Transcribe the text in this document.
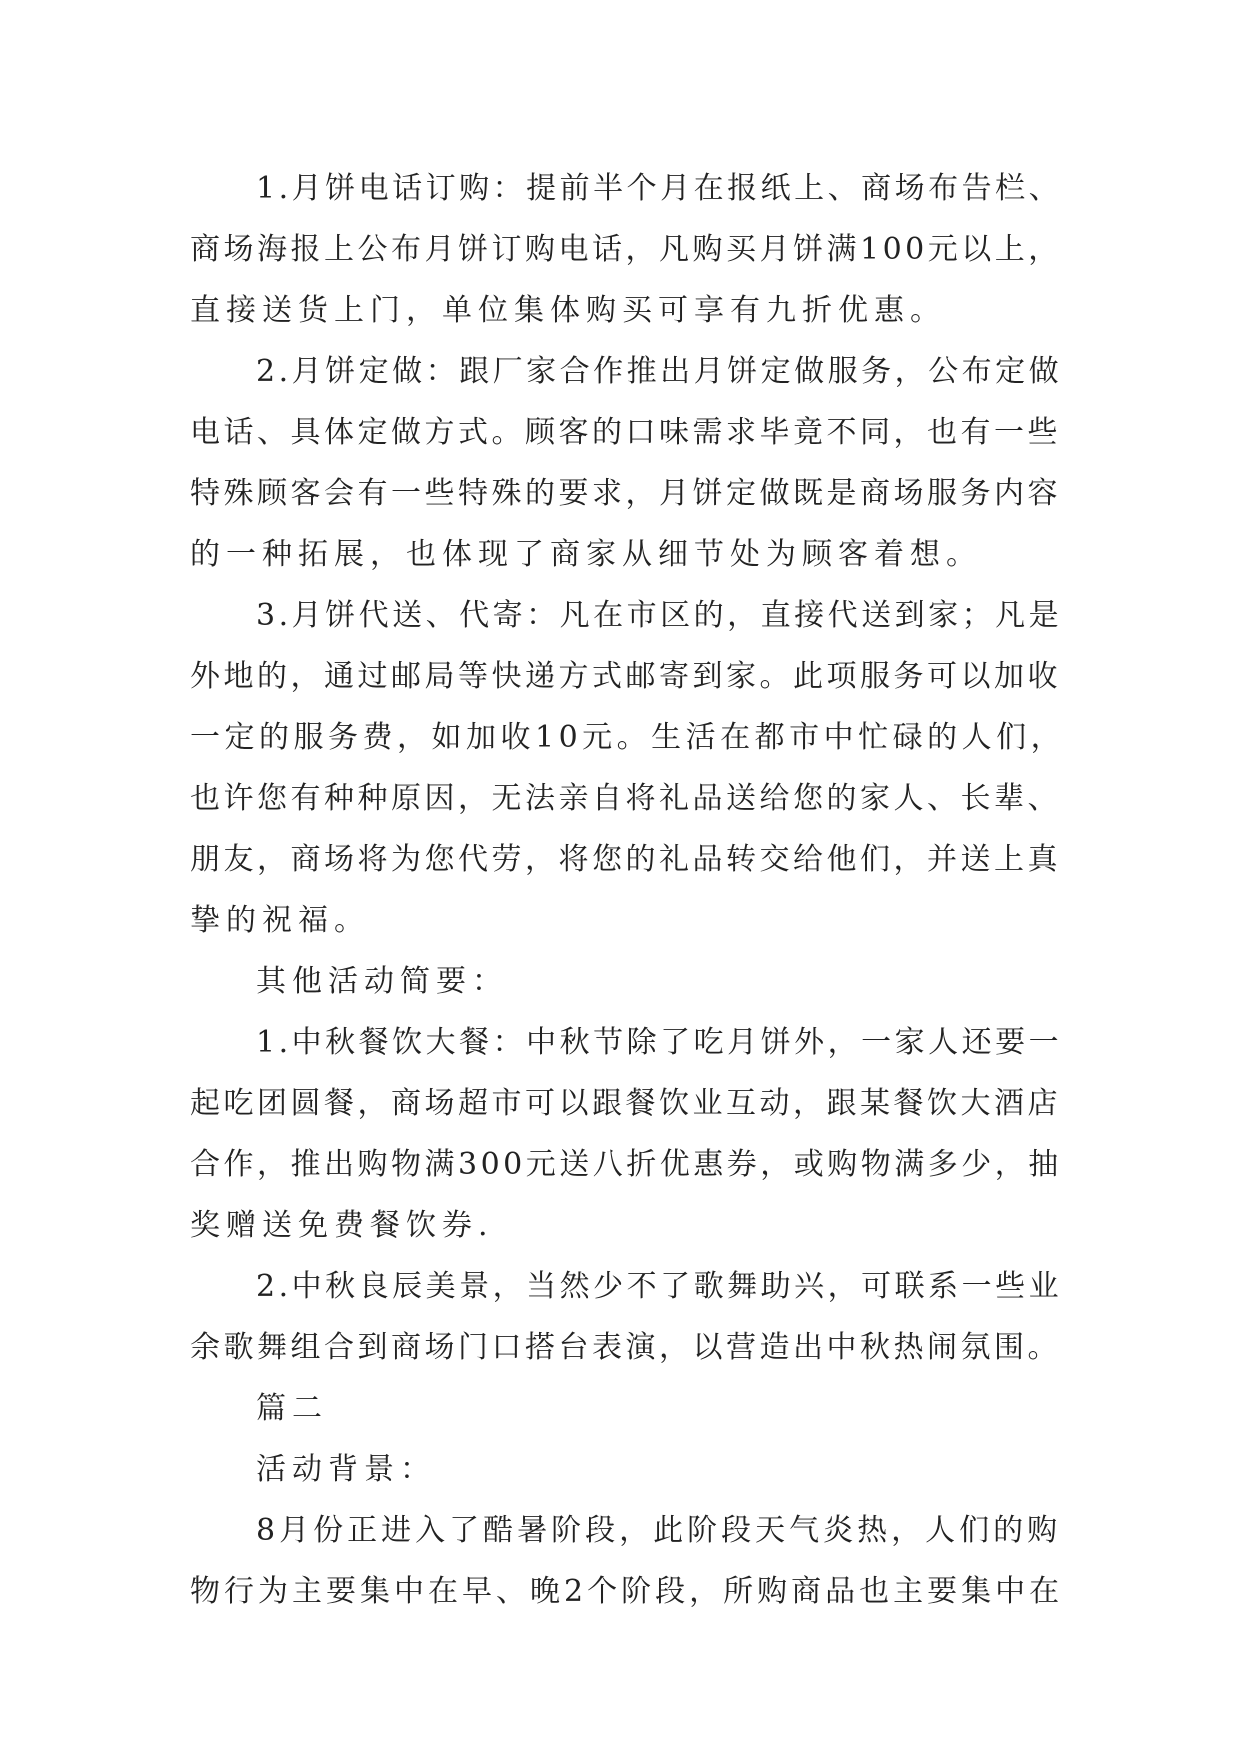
1.月饼电话订购：提前半个月在报纸上、商场布告栏、
商场海报上公布月饼订购电话，凡购买月饼满100元以上，
直接送货上门，单位集体购买可享有九折优惠。
2.月饼定做：跟厂家合作推出月饼定做服务，公布定做
电话、具体定做方式。顾客的口味需求毕竟不同，也有一些
特殊顾客会有一些特殊的要求，月饼定做既是商场服务内容
的一种拓展，也体现了商家从细节处为顾客着想。
3.月饼代送、代寄：凡在市区的，直接代送到家；凡是
外地的，通过邮局等快递方式邮寄到家。此项服务可以加收
一定的服务费，如加收10元。生活在都市中忙碌的人们，
也许您有种种原因，无法亲自将礼品送给您的家人、长辈、
朋友，商场将为您代劳，将您的礼品转交给他们，并送上真
挚的祝福。
其他活动简要：
1.中秋餐饮大餐：中秋节除了吃月饼外，一家人还要一
起吃团圆餐，商场超市可以跟餐饮业互动，跟某餐饮大酒店
合作，推出购物满300元送八折优惠券，或购物满多少，抽
奖赠送免费餐饮券.
2.中秋良辰美景，当然少不了歌舞助兴，可联系一些业
余歌舞组合到商场门口搭台表演，以营造出中秋热闹氛围。
篇二
活动背景：
8月份正进入了酷暑阶段，此阶段天气炎热，人们的购
物行为主要集中在早、晚2个阶段，所购商品也主要集中在
